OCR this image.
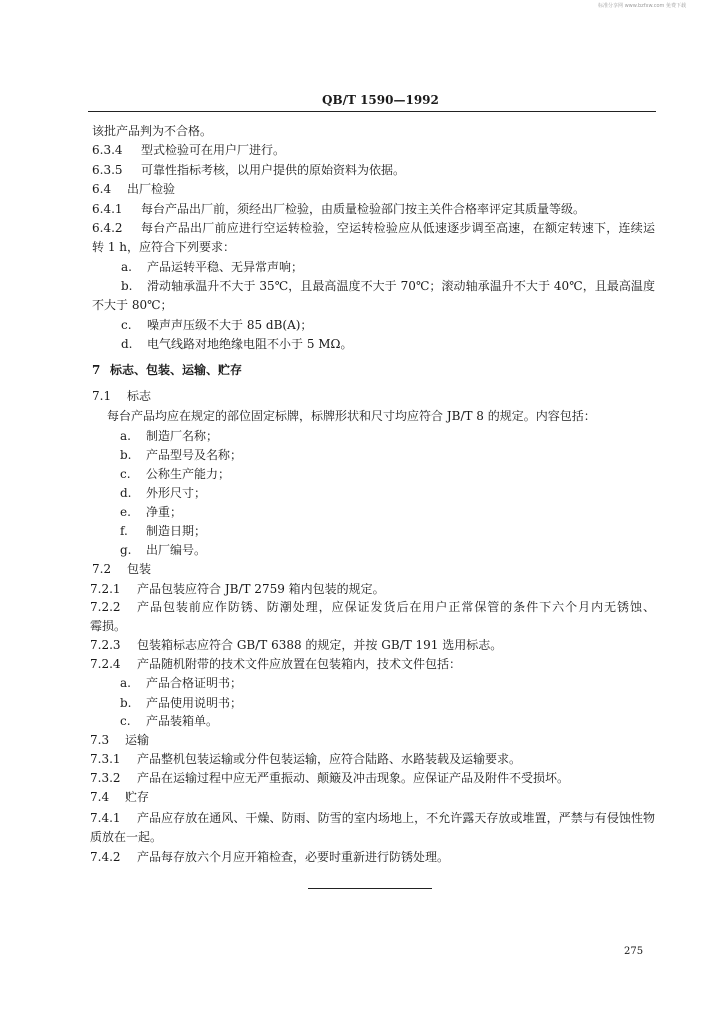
标准分享网 www.bzfxw.com 免费下载
QB/T 1590—1992
该批产品判为不合格。
6.3.4 型式检验可在用户厂进行。
6.3.5 可靠性指标考核，以用户提供的原始资料为依据。
6.4 出厂检验
6.4.1 每台产品出厂前，须经出厂检验，由质量检验部门按主关件合格率评定其质量等级。
6.4.2 每台产品出厂前应进行空运转检验，空运转检验应从低速逐步调至高速，在额定转速下，连续运
转 1 h，应符合下列要求：
a. 产品运转平稳、无异常声响；
b. 滑动轴承温升不大于 35℃，且最高温度不大于 70℃；滚动轴承温升不大于 40℃，且最高温度
不大于 80℃；
c. 噪声声压级不大于 85 dB(A)；
d. 电气线路对地绝缘电阻不小于 5 MΩ。
7 标志、包装、运输、贮存
7.1 标志
每台产品均应在规定的部位固定标牌，标牌形状和尺寸均应符合 JB/T 8 的规定。内容包括：
a. 制造厂名称；
b. 产品型号及名称；
c. 公称生产能力；
d. 外形尺寸；
e. 净重；
f. 制造日期；
g. 出厂编号。
7.2 包装
7.2.1 产品包装应符合 JB/T 2759 箱内包装的规定。
7.2.2 产品包装前应作防锈、防潮处理，应保证发货后在用户正常保管的条件下六个月内无锈蚀、
霉损。
7.2.3 包装箱标志应符合 GB/T 6388 的规定，并按 GB/T 191 选用标志。
7.2.4 产品随机附带的技术文件应放置在包装箱内，技术文件包括：
a. 产品合格证明书；
b. 产品使用说明书；
c. 产品装箱单。
7.3 运输
7.3.1 产品整机包装运输或分件包装运输，应符合陆路、水路装载及运输要求。
7.3.2 产品在运输过程中应无严重振动、颠簸及冲击现象。应保证产品及附件不受损坏。
7.4 贮存
7.4.1 产品应存放在通风、干燥、防雨、防雪的室内场地上，不允许露天存放或堆置，严禁与有侵蚀性物
质放在一起。
7.4.2 产品每存放六个月应开箱检查，必要时重新进行防锈处理。
275
